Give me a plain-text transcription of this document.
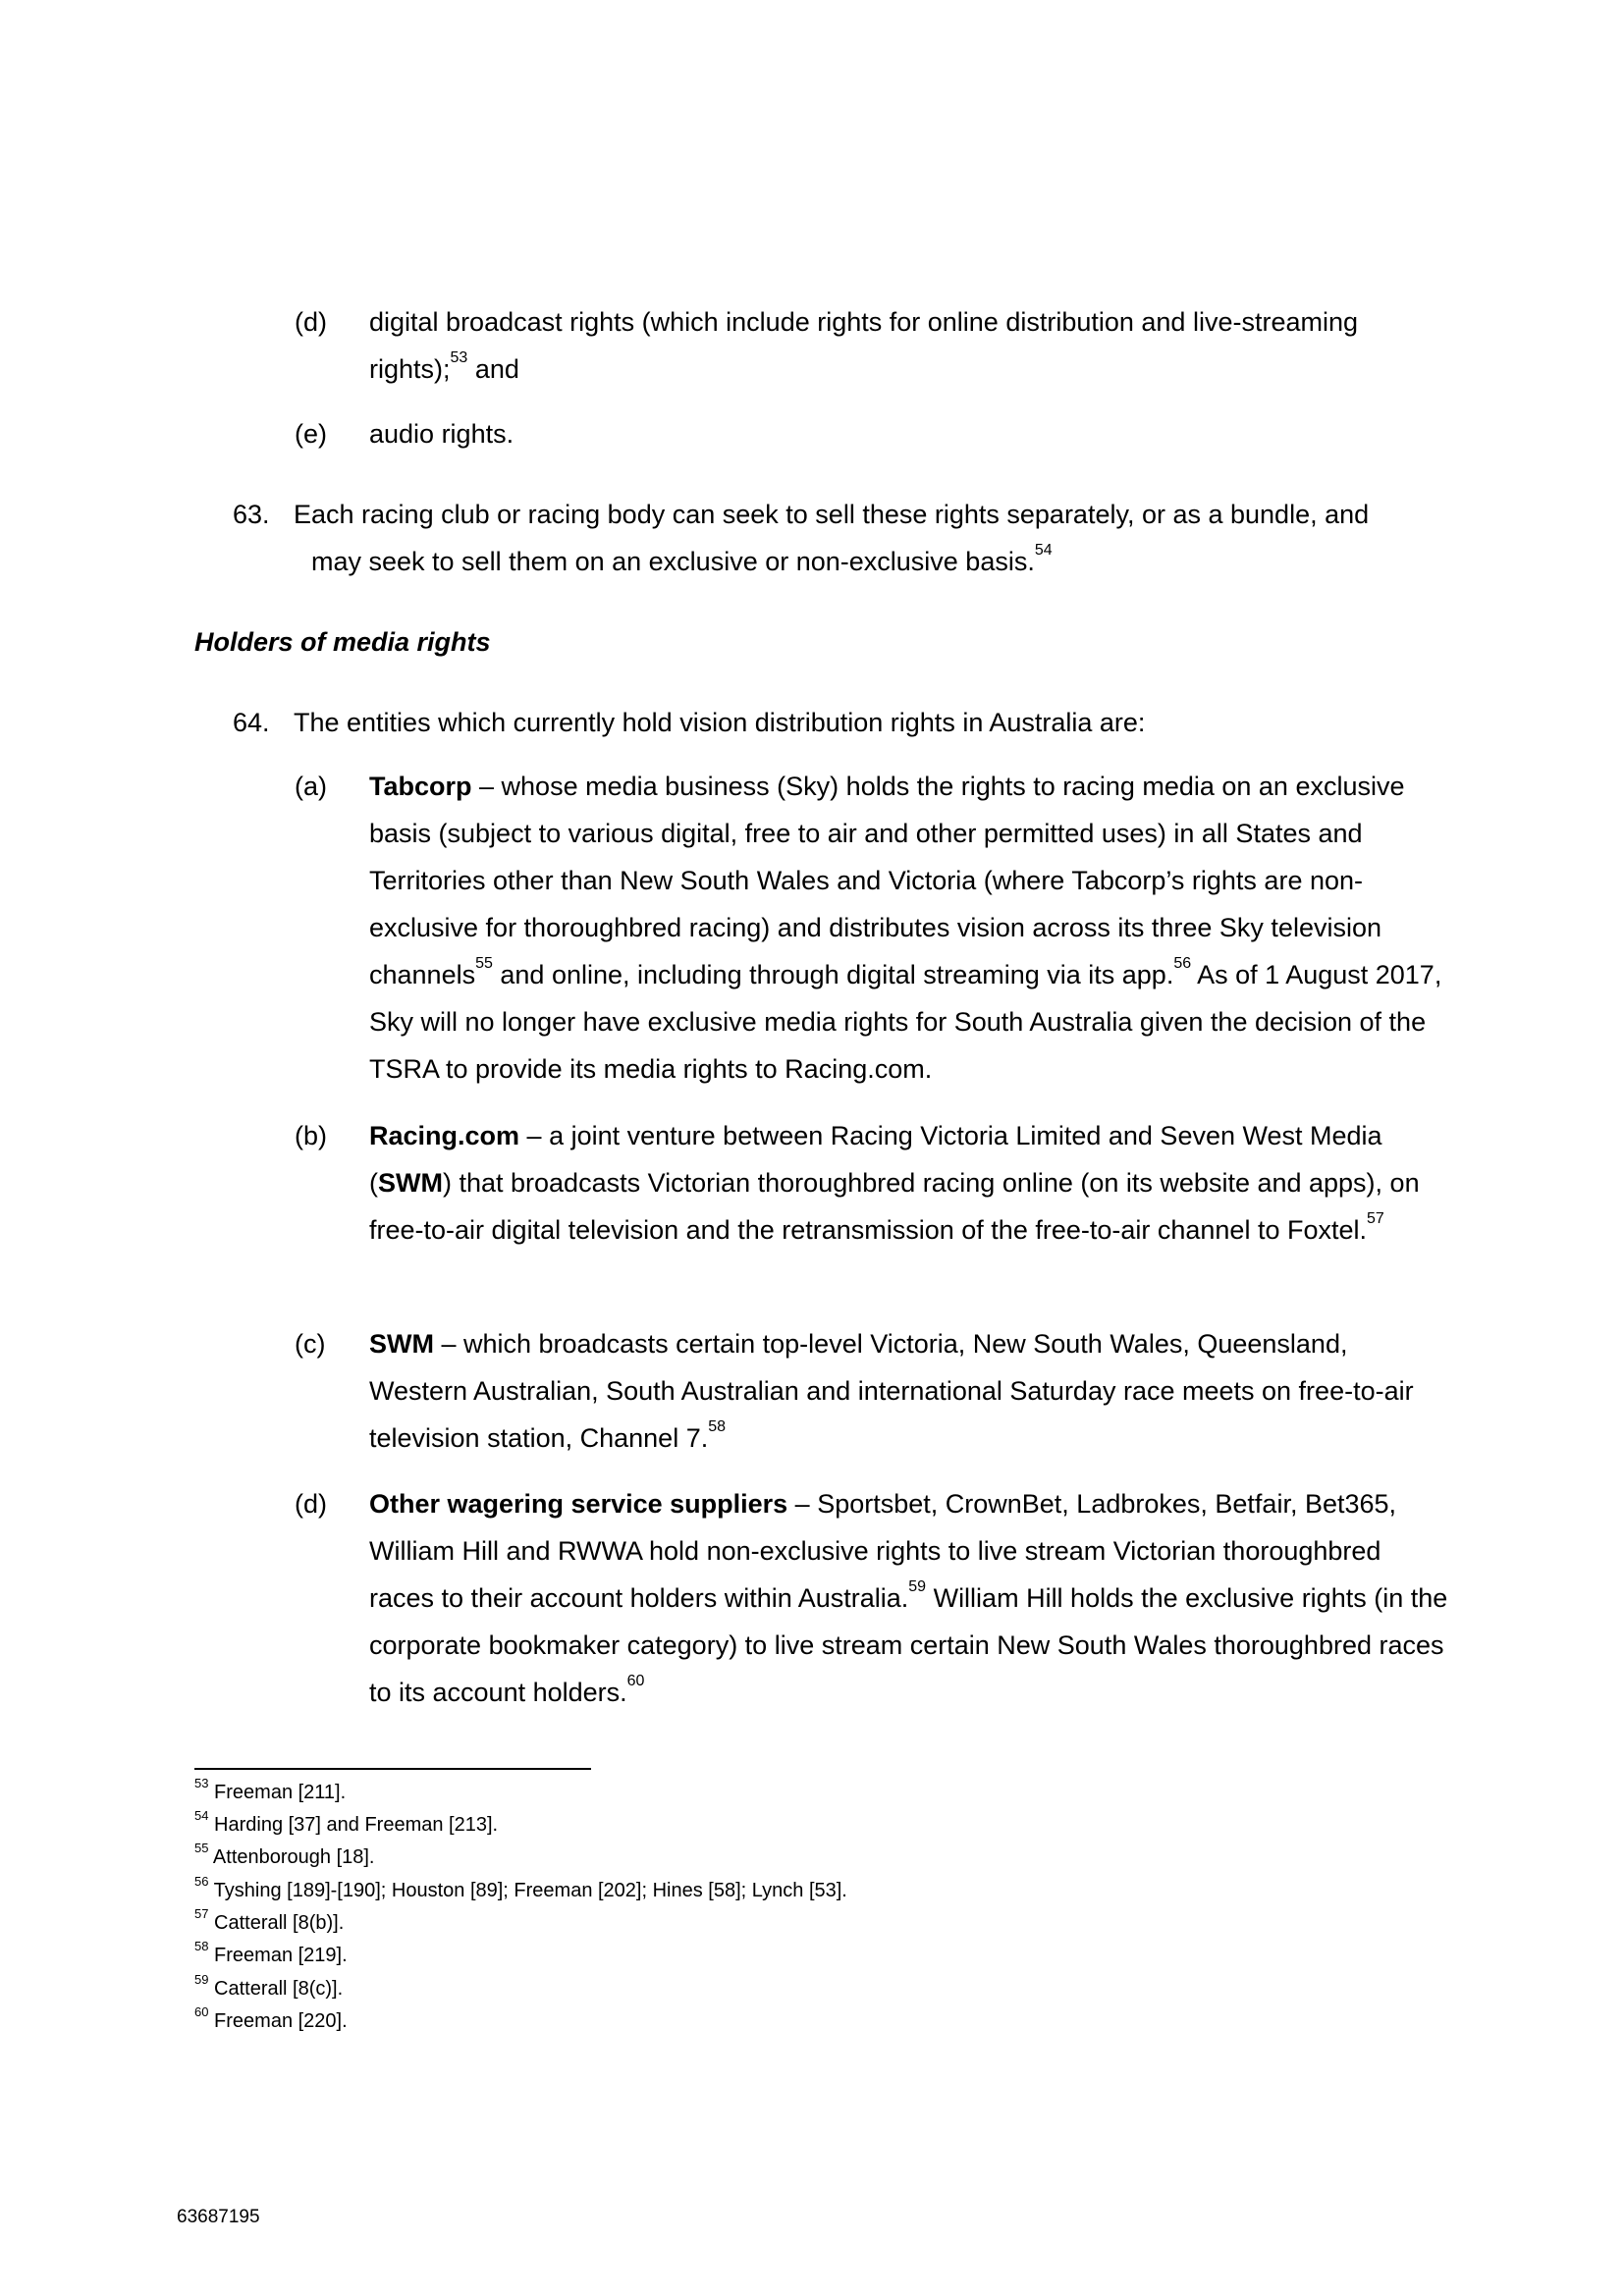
(d) digital broadcast rights (which include rights for online distribution and live-streaming rights);$^{53}$ and
(e) audio rights.
63. Each racing club or racing body can seek to sell these rights separately, or as a bundle, and
may seek to sell them on an exclusive or non-exclusive basis.$^{54}$
Holders of media rights
64. The entities which currently hold vision distribution rights in Australia are:
(a) Tabcorp – whose media business (Sky) holds the rights to racing media on an exclusive basis (subject to various digital, free to air and other permitted uses) in all States and Territories other than New South Wales and Victoria (where Tabcorp’s rights are non-exclusive for thoroughbred racing) and distributes vision across its three Sky television channels$^{55}$ and online, including through digital streaming via its app.$^{56}$ As of 1 August 2017, Sky will no longer have exclusive media rights for South Australia given the decision of the TSRA to provide its media rights to Racing.com.
(b) Racing.com – a joint venture between Racing Victoria Limited and Seven West Media (SWM) that broadcasts Victorian thoroughbred racing online (on its website and apps), on free-to-air digital television and the retransmission of the free-to-air channel to Foxtel.$^{57}$
(c) SWM – which broadcasts certain top-level Victoria, New South Wales, Queensland, Western Australian, South Australian and international Saturday race meets on free-to-air television station, Channel 7.58
(d) Other wagering service suppliers – Sportsbet, CrownBet, Ladbrokes, Betfair, Bet365, William Hill and RWWA hold non-exclusive rights to live stream Victorian thoroughbred races to their account holders within Australia.$^{59}$ William Hill holds the exclusive rights (in the corporate bookmaker category) to live stream certain New South Wales thoroughbred races to its account holders.$^{60}$
$^{53}$ Freeman [211].
$^{54}$ Harding [37] and Freeman [213].
$^{55}$ Attenborough [18].
$^{56}$ Tyshing [189]-[190]; Houston [89]; Freeman [202]; Hines [58]; Lynch [53].
$^{57}$ Catterall [8(b)].
$^{58}$ Freeman [219].
$^{59}$ Catterall [8(c)].
$^{60}$ Freeman [220].
63687195
